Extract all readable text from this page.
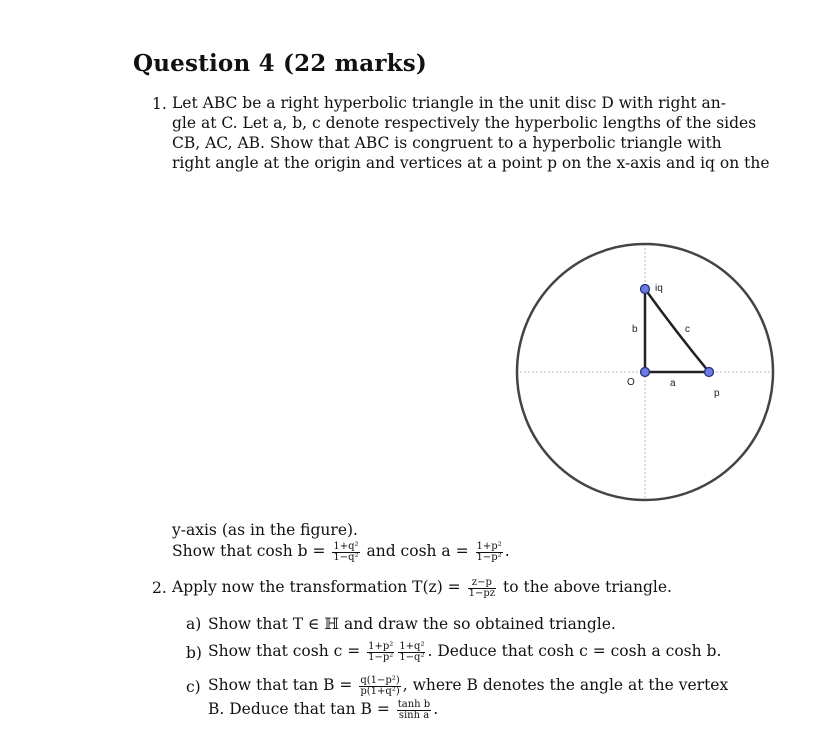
Question 4 (22 marks)
1. Let ABC be a right hyperbolic triangle in the unit disc D with right an-
gle at C. Let a, b, c denote respectively the hyperbolic lengths of the sides
CB, AC, AB. Show that ABC is congruent to a hyperbolic triangle with
right angle at the origin and vertices at a point p on the x-axis and iq on the
iq
b	c
O	a
p
y-axis (as in the figure).
Show that $\cosh b = \frac{\text{1+q²}}{\text{1−q²}}$ and $\cosh a = \frac{\text{1+p²}}{\text{1−p²}}$ .
2. Apply now the transformation $T(z) = \frac{z-p}{1-pz}$ to the above triangle.
a) Show that T ∈ ℍ and draw the so obtained triangle.
b) Show that $\cosh c = \frac{\text{1+p²}}{\text{1−p²}} \frac{\text{1+q²}}{\text{1−q²}}$ . Deduce that cosh c = cosh a cosh b.
c) Show that $\tan B = \frac{\text{q(1−p²)}}{\text{p(1+q²)}}$ , where B denotes the angle at the vertex
B. Deduce that $\tan B = \frac{\text{tanh b}}{\text{sinh a}}$ .
